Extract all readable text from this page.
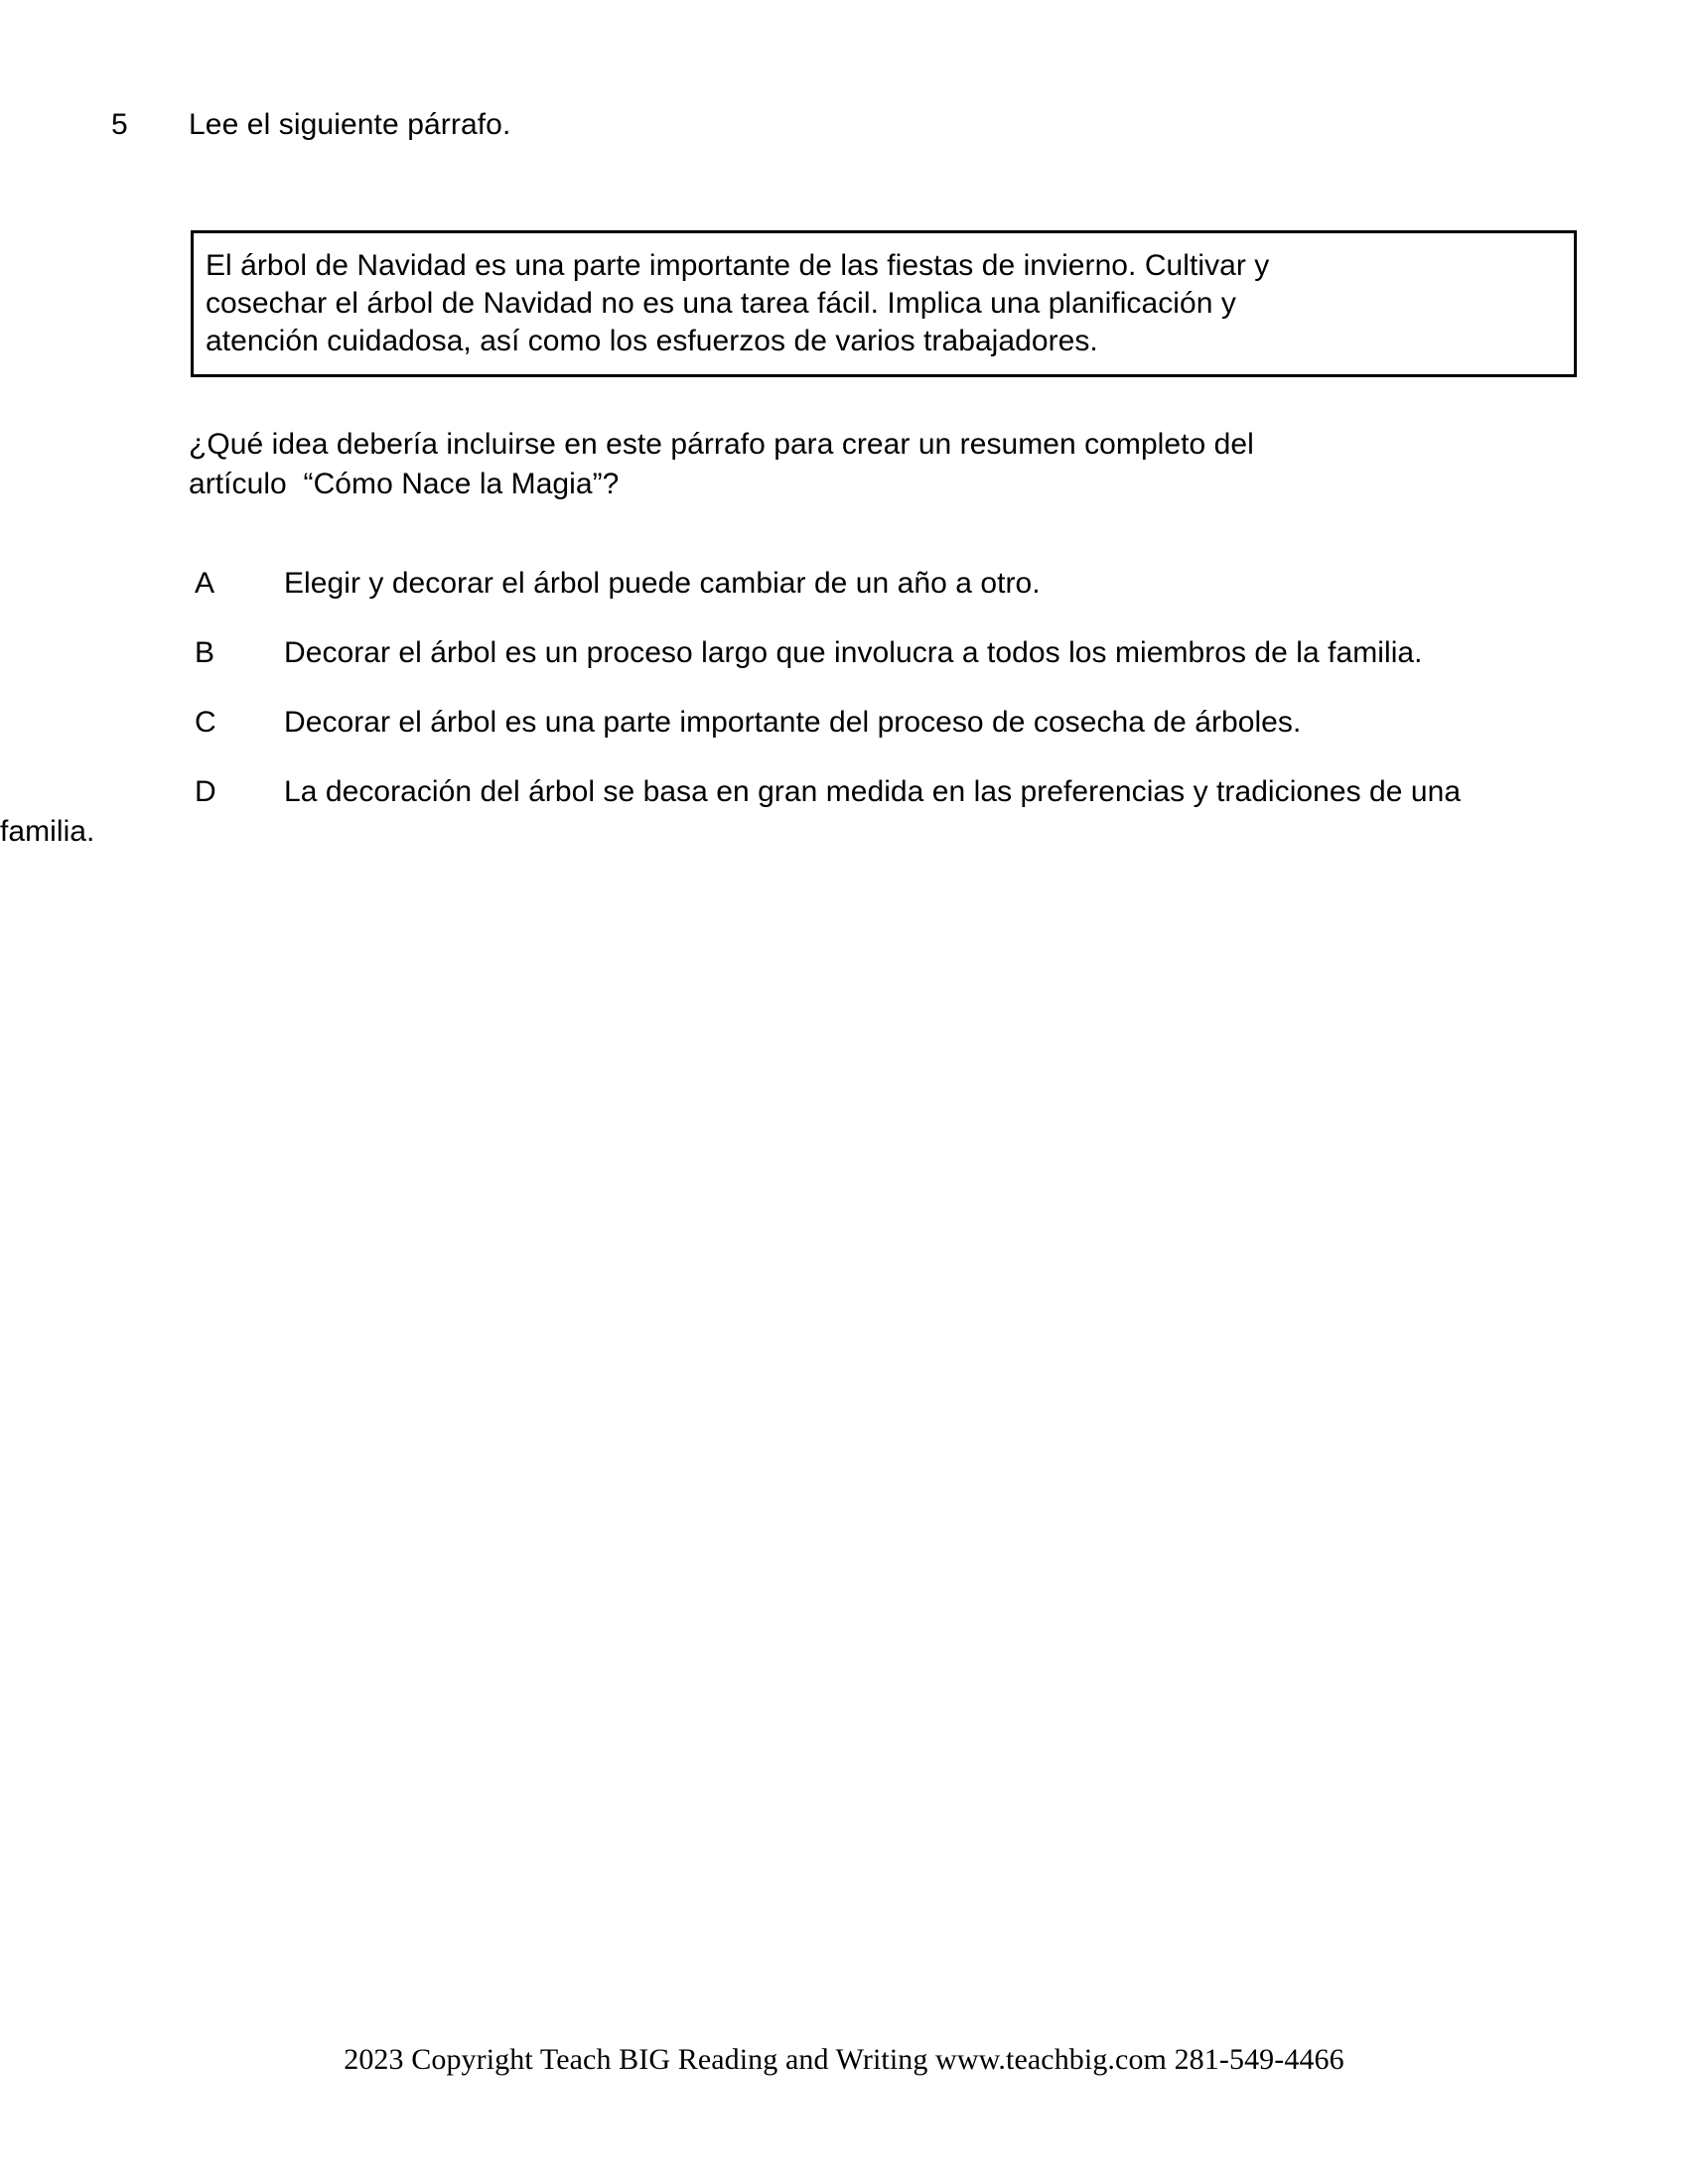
5 Lee el siguiente párrafo.
El árbol de Navidad es una parte importante de las fiestas de invierno. Cultivar y
cosechar el árbol de Navidad no es una tarea fácil. Implica una planificación y
atención cuidadosa, así como los esfuerzos de varios trabajadores.
¿Qué idea debería incluirse en este párrafo para crear un resumen completo del
artículo  “Cómo Nace la Magia”?
A Elegir y decorar el árbol puede cambiar de un año a otro.
B Decorar el árbol es un proceso largo que involucra a todos los miembros de la familia.
C Decorar el árbol es una parte importante del proceso de cosecha de árboles.
D La decoración del árbol se basa en gran medida en las preferencias y tradiciones de una familia.
2023 Copyright Teach BIG Reading and Writing www.teachbig.com 281-549-4466
